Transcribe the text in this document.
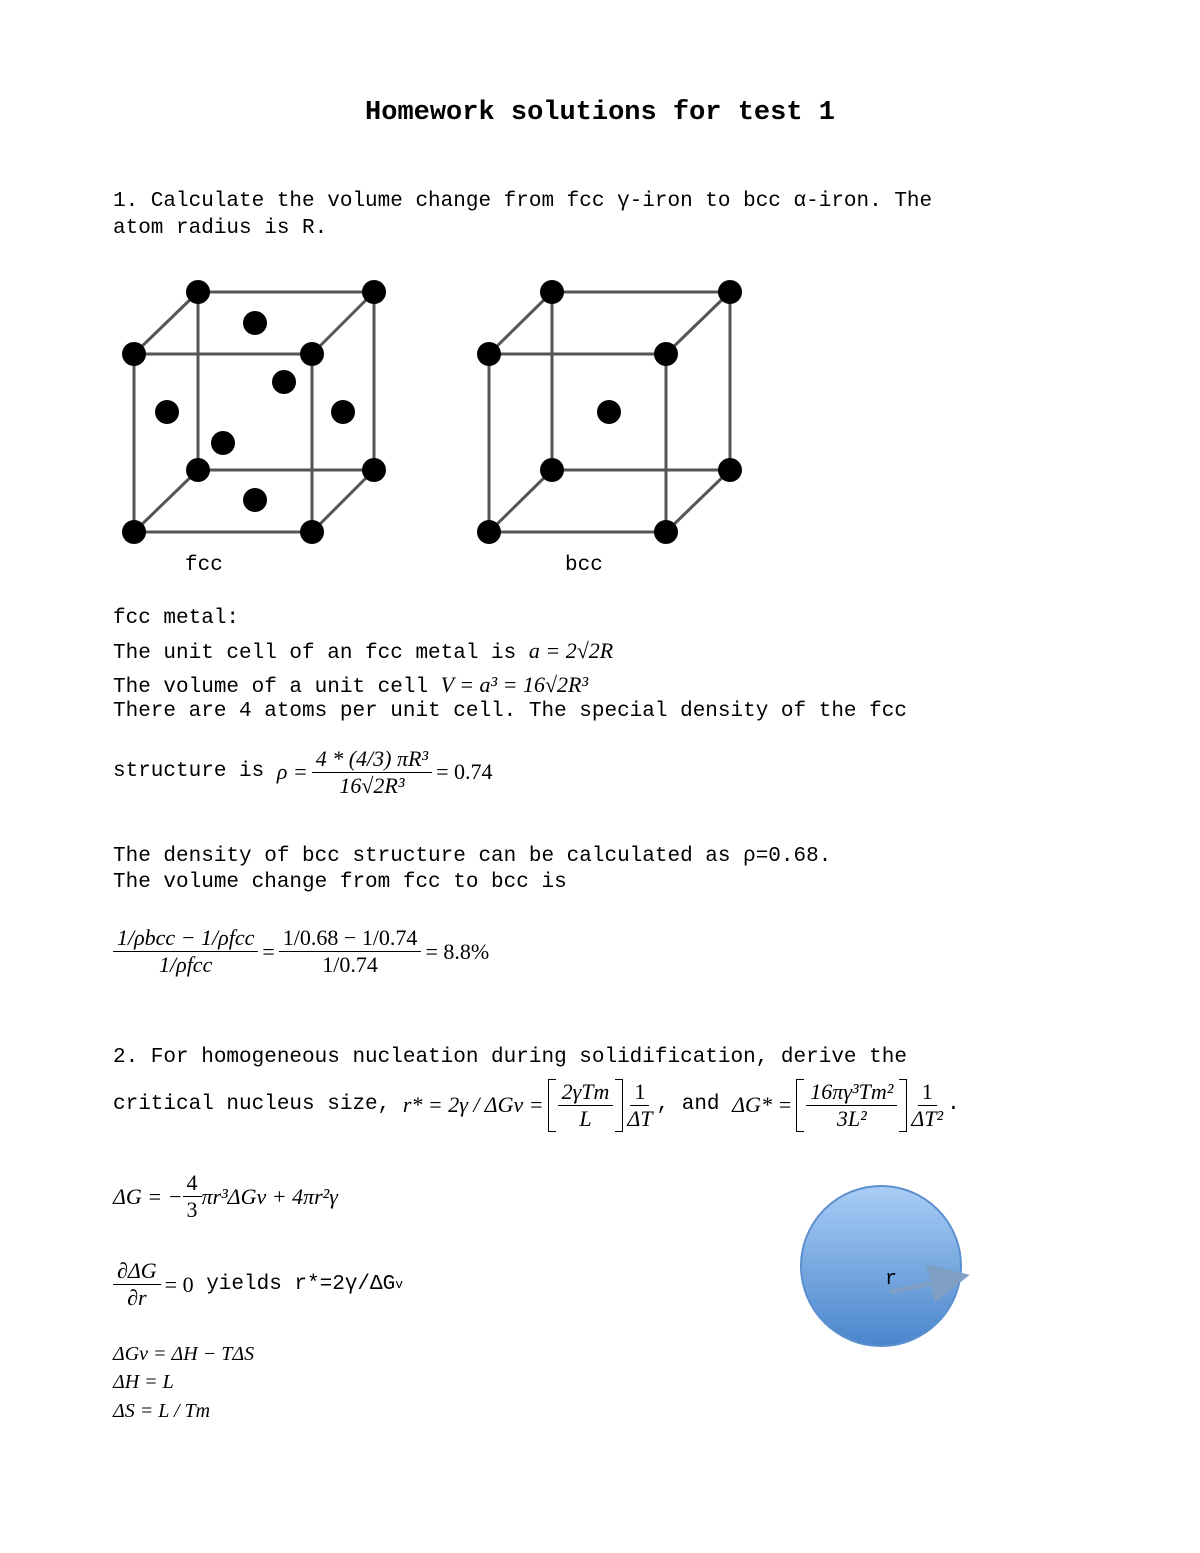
Homework solutions for test 1
1. Calculate the volume change from fcc γ-iron to bcc α-iron. The
atom radius is R.
fcc	bcc
fcc metal:
The unit cell of an fcc metal is a = 2√2R
The volume of a unit cell V = a³ = 16√2R³
There are 4 atoms per unit cell. The special density of the fcc
structure is $\rho = \frac{\text{4 * (4/3) πR³}}{\text{16√2R³}} = 0.74$
The density of bcc structure can be calculated as ρ=0.68.
The volume change from fcc to bcc is
$\frac{\text{1/ρbcc − 1/ρfcc}}{\text{1/ρfcc}} = \frac{1/0.68 - 1/0.74}{1/0.74} = 8.8\%$
2. For homogeneous nucleation during solidification, derive the
critical nucleus size, $r* = 2\gamma / \Delta Gv = \frac{\text{2γTm}}{L} \frac{1}{\Delta T}$ , and $\Delta G* = \frac{\text{16πγ³Tm²}}{\text{3L²}} \frac{1}{\text{ΔT²}}$ .
ΔG = − $\frac{4}{3} \pi r^3\Delta Gv + 4\pi r^2\gamma$
$\frac{\partial\Delta G}{\partial r} = 0$ yields r*=2γ/ΔG v
ΔGv = ΔH − TΔS
ΔH = L
ΔS = L / Tm
r
